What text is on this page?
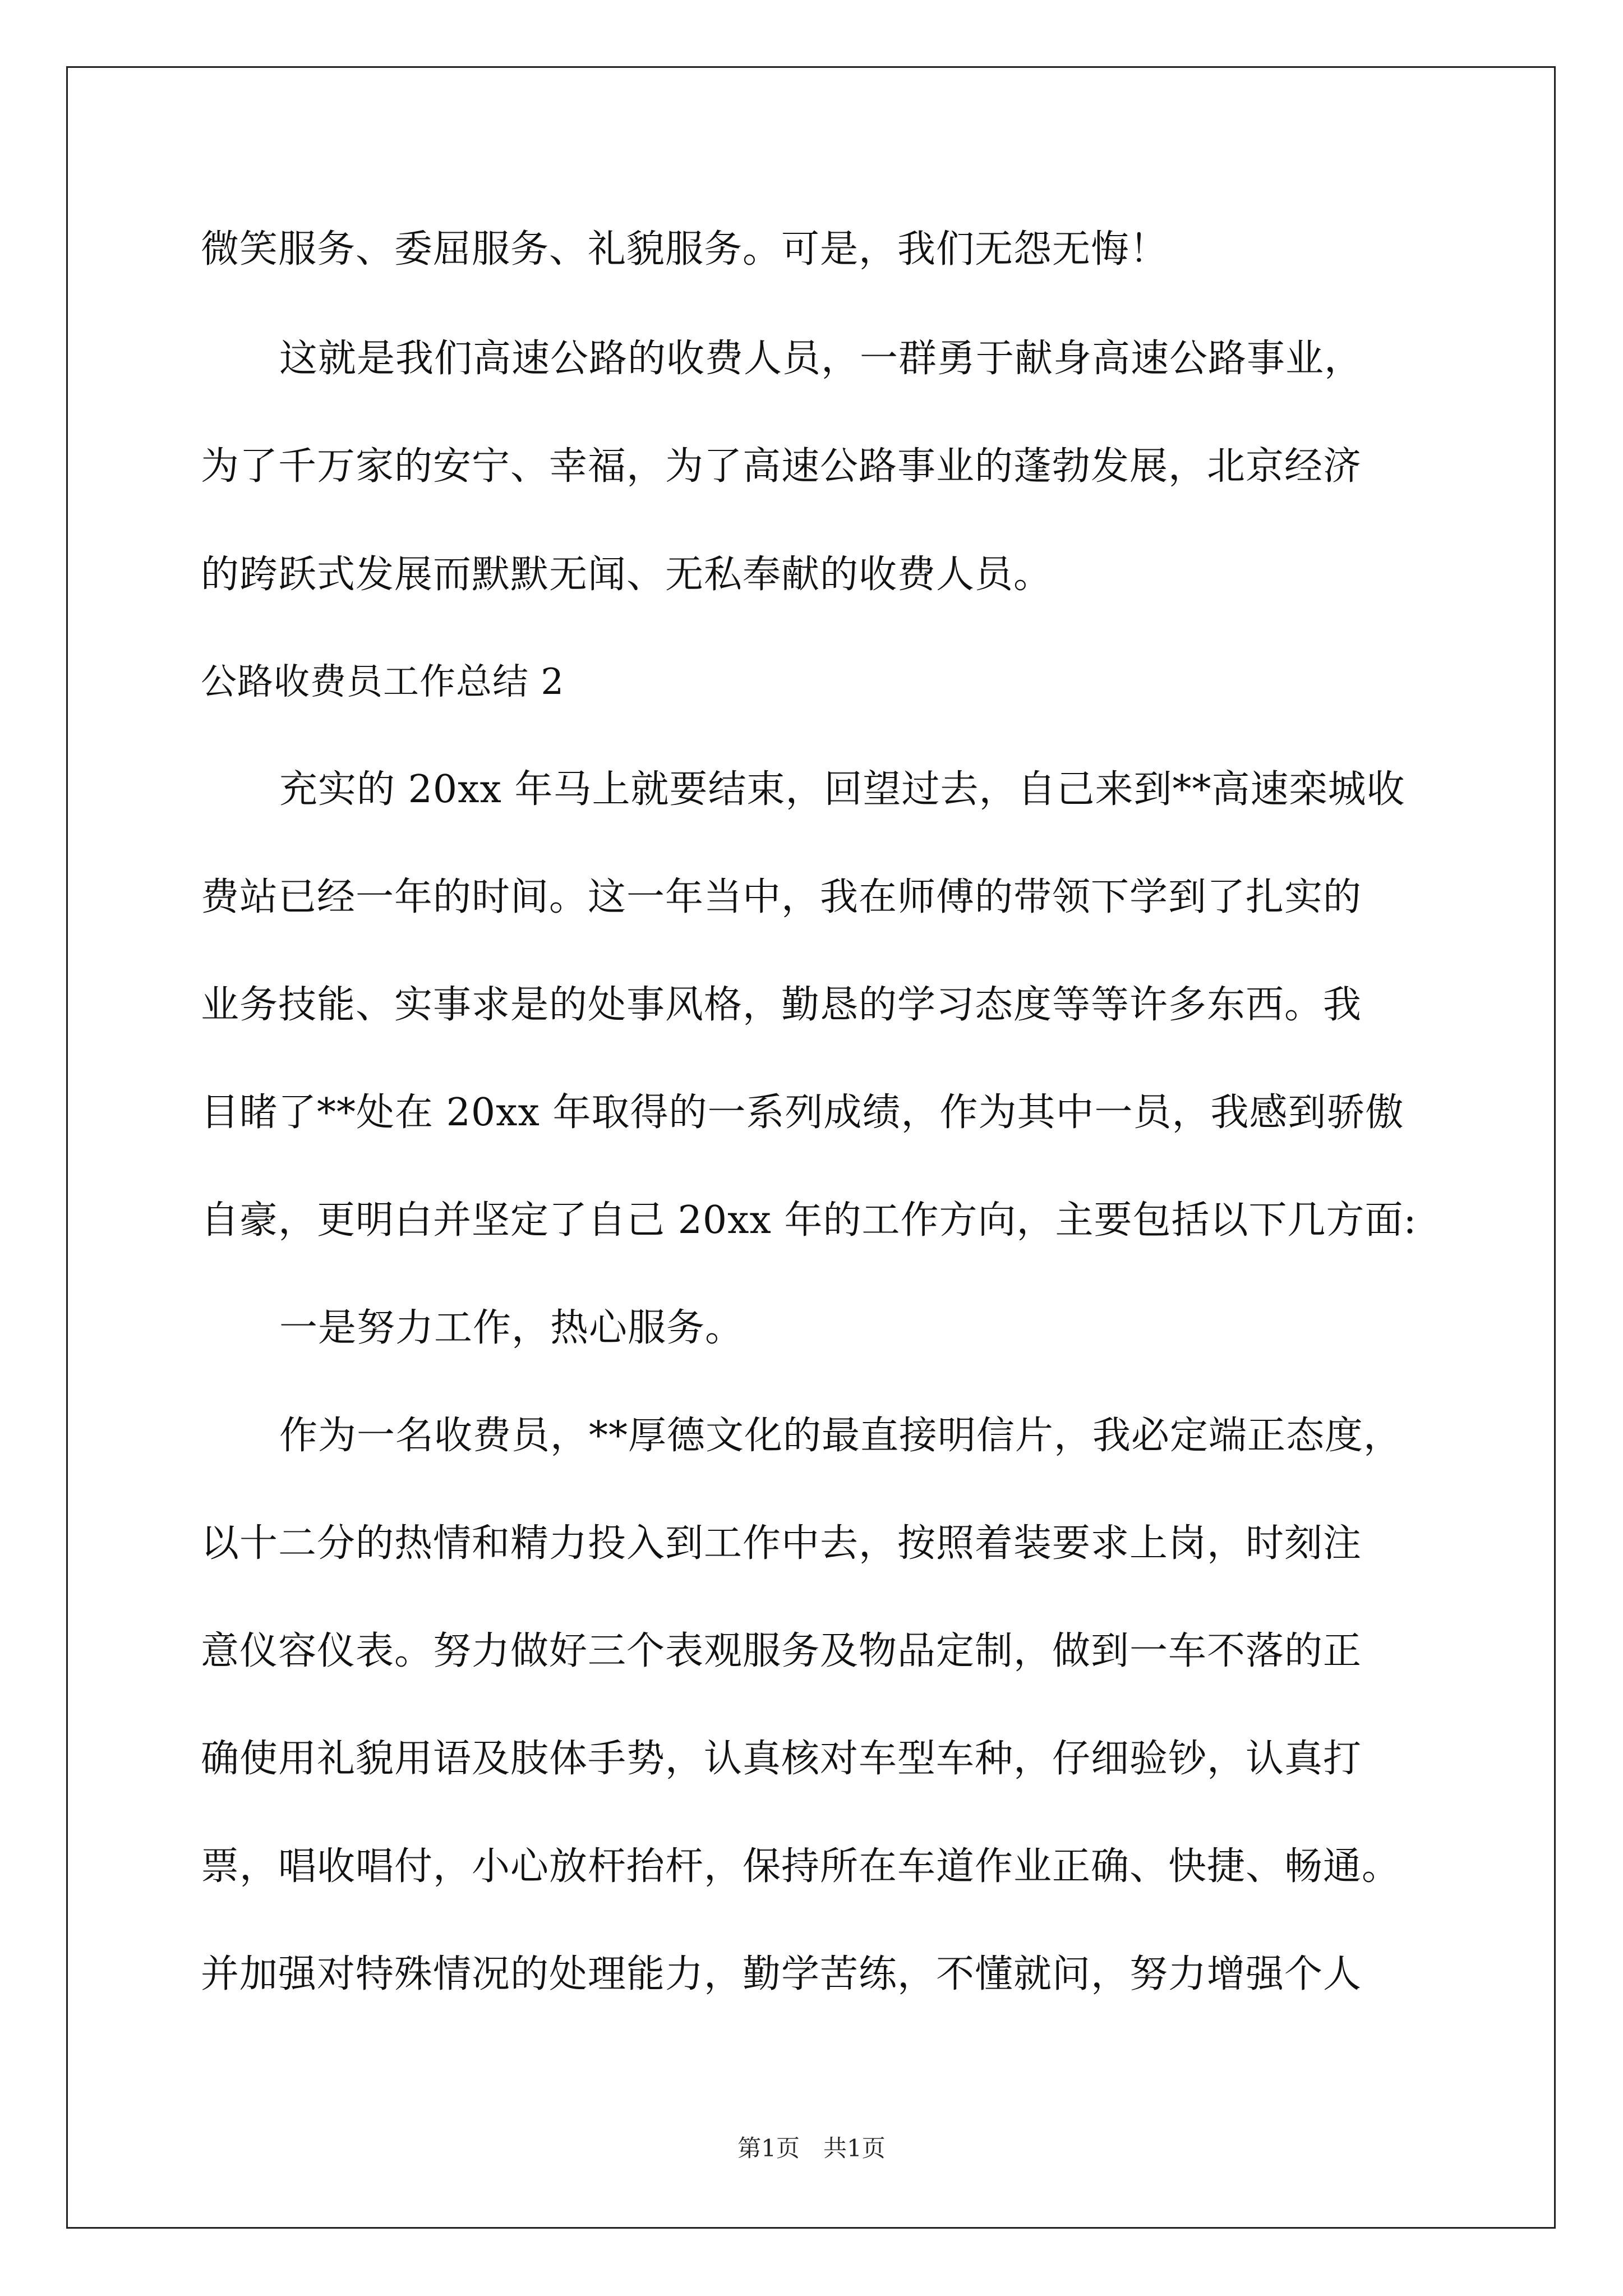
微笑服务、委屈服务、礼貌服务。可是，我们无怨无悔！
这就是我们高速公路的收费人员，一群勇于献身高速公路事业，
为了千万家的安宁、幸福，为了高速公路事业的蓬勃发展，北京经济
的跨跃式发展而默默无闻、无私奉献的收费人员。
公路收费员工作总结 2
充实的 20xx 年马上就要结束，回望过去，自己来到**高速栾城收
费站已经一年的时间。这一年当中，我在师傅的带领下学到了扎实的
业务技能、实事求是的处事风格，勤恳的学习态度等等许多东西。我
目睹了**处在 20xx 年取得的一系列成绩，作为其中一员，我感到骄傲
自豪，更明白并坚定了自己 20xx 年的工作方向，主要包括以下几方面:
一是努力工作，热心服务。
作为一名收费员，**厚德文化的最直接明信片，我必定端正态度，
以十二分的热情和精力投入到工作中去，按照着装要求上岗，时刻注
意仪容仪表。努力做好三个表观服务及物品定制，做到一车不落的正
确使用礼貌用语及肢体手势，认真核对车型车种，仔细验钞，认真打
票，唱收唱付，小心放杆抬杆，保持所在车道作业正确、快捷、畅通。
并加强对特殊情况的处理能力，勤学苦练，不懂就问，努力增强个人
第1页　共1页
